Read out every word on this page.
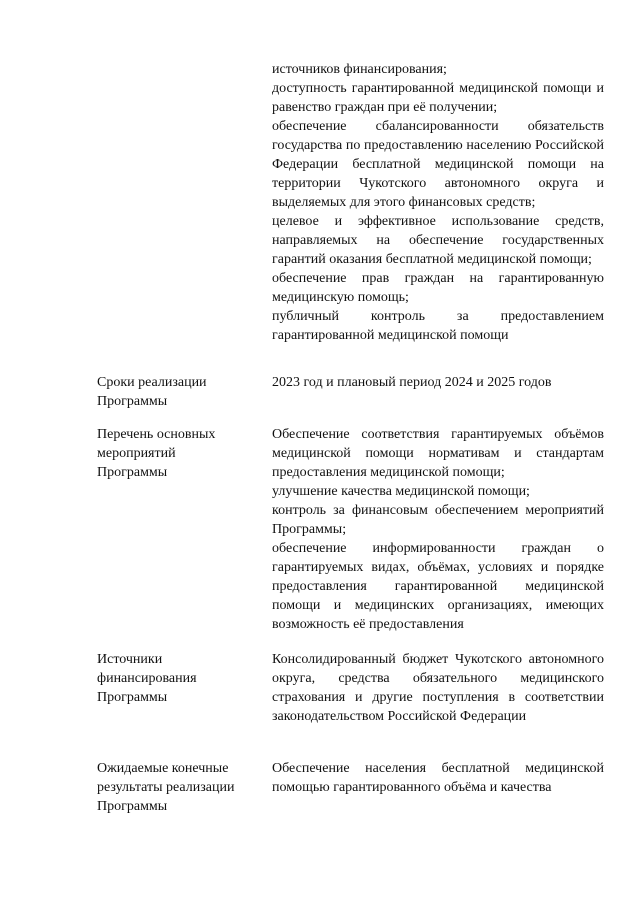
источников финансирования;

доступность гарантированной медицинской помощи и равенство граждан при её получении;

обеспечение сбалансированности обязательств государства по предоставлению населению Российской Федерации бесплатной медицинской помощи на территории Чукотского автономного округа и выделяемых для этого финансовых средств;

целевое и эффективное использование средств, направляемых на обеспечение государственных гарантий оказания бесплатной медицинской помощи;

обеспечение прав граждан на гарантированную медицинскую помощь;

публичный контроль за предоставлением гарантированной медицинской помощи

Сроки реализации
Программы

2023 год и плановый период 2024 и 2025 годов

Перечень основных
мероприятий
Программы

Обеспечение соответствия гарантируемых объёмов медицинской помощи нормативам и стандартам предоставления медицинской помощи;

улучшение качества медицинской помощи;

контроль за финансовым обеспечением мероприятий Программы;

обеспечение информированности граждан о гарантируемых видах, объёмах, условиях и порядке предоставления гарантированной медицинской помощи и медицинских организациях, имеющих возможность её предоставления

Источники
финансирования
Программы

Консолидированный бюджет Чукотского автономного округа, средства обязательного медицинского страхования и другие поступления в соответствии законодательством Российской Федерации

Ожидаемые конечные
результаты реализации
Программы

Обеспечение населения бесплатной медицинской помощью гарантированного объёма и качества
